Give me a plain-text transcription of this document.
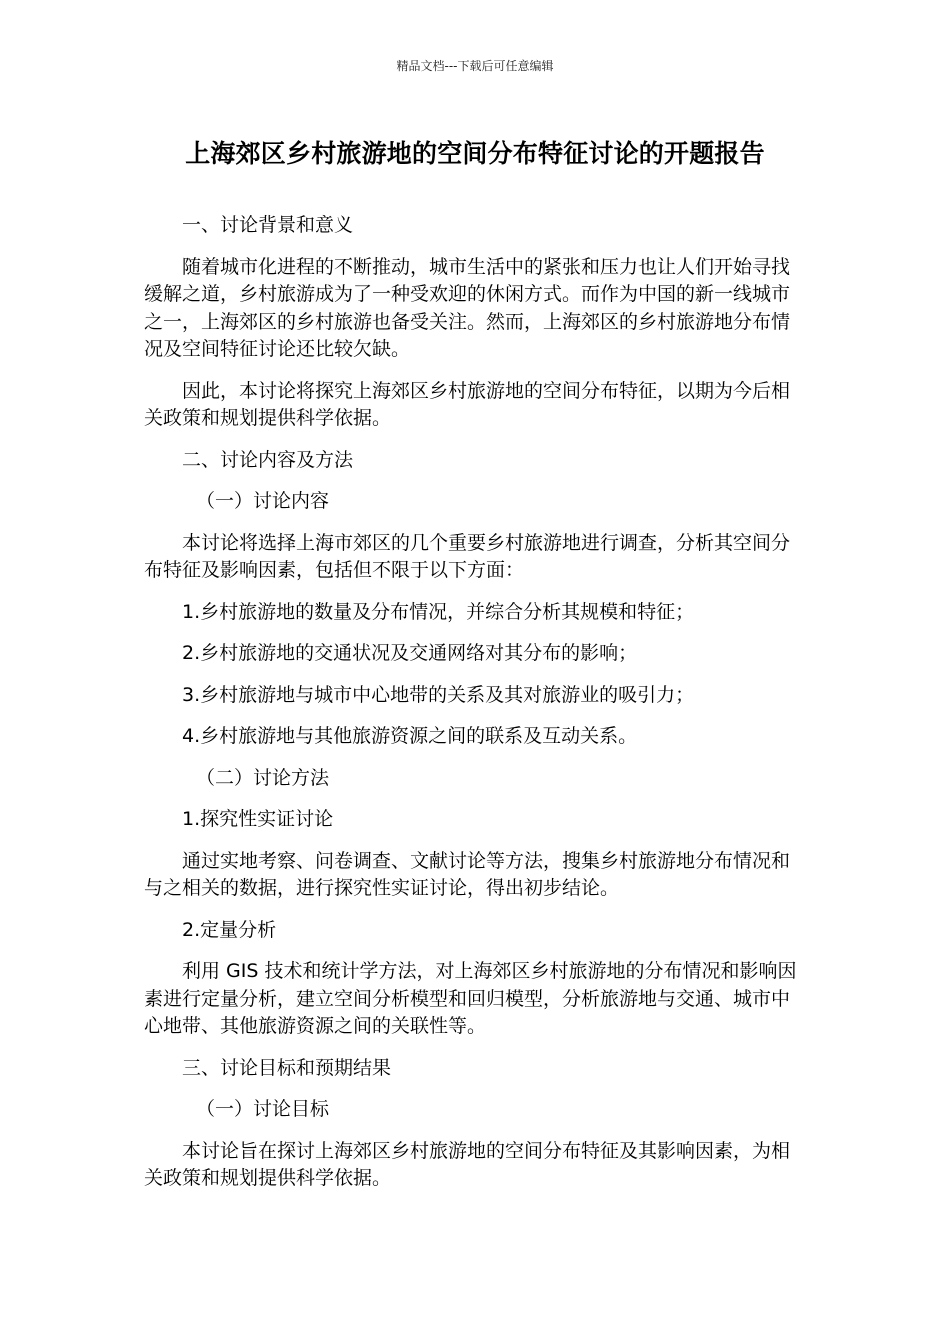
精品文档---下载后可任意编辑
上海郊区乡村旅游地的空间分布特征讨论的开题报告

一、讨论背景和意义

随着城市化进程的不断推动，城市生活中的紧张和压力也让人们开始寻找缓解之道，乡村旅游成为了一种受欢迎的休闲方式。而作为中国的新一线城市之一，上海郊区的乡村旅游也备受关注。然而，上海郊区的乡村旅游地分布情况及空间特征讨论还比较欠缺。

因此，本讨论将探究上海郊区乡村旅游地的空间分布特征，以期为今后相关政策和规划提供科学依据。

二、讨论内容及方法

（一）讨论内容

本讨论将选择上海市郊区的几个重要乡村旅游地进行调查，分析其空间分布特征及影响因素，包括但不限于以下方面：

1.乡村旅游地的数量及分布情况，并综合分析其规模和特征；

2.乡村旅游地的交通状况及交通网络对其分布的影响；

3.乡村旅游地与城市中心地带的关系及其对旅游业的吸引力；

4.乡村旅游地与其他旅游资源之间的联系及互动关系。

（二）讨论方法

1.探究性实证讨论

通过实地考察、问卷调查、文献讨论等方法，搜集乡村旅游地分布情况和与之相关的数据，进行探究性实证讨论，得出初步结论。

2.定量分析

利用 GIS 技术和统计学方法，对上海郊区乡村旅游地的分布情况和影响因素进行定量分析，建立空间分析模型和回归模型，分析旅游地与交通、城市中心地带、其他旅游资源之间的关联性等。

三、讨论目标和预期结果

（一）讨论目标

本讨论旨在探讨上海郊区乡村旅游地的空间分布特征及其影响因素，为相关政策和规划提供科学依据。
